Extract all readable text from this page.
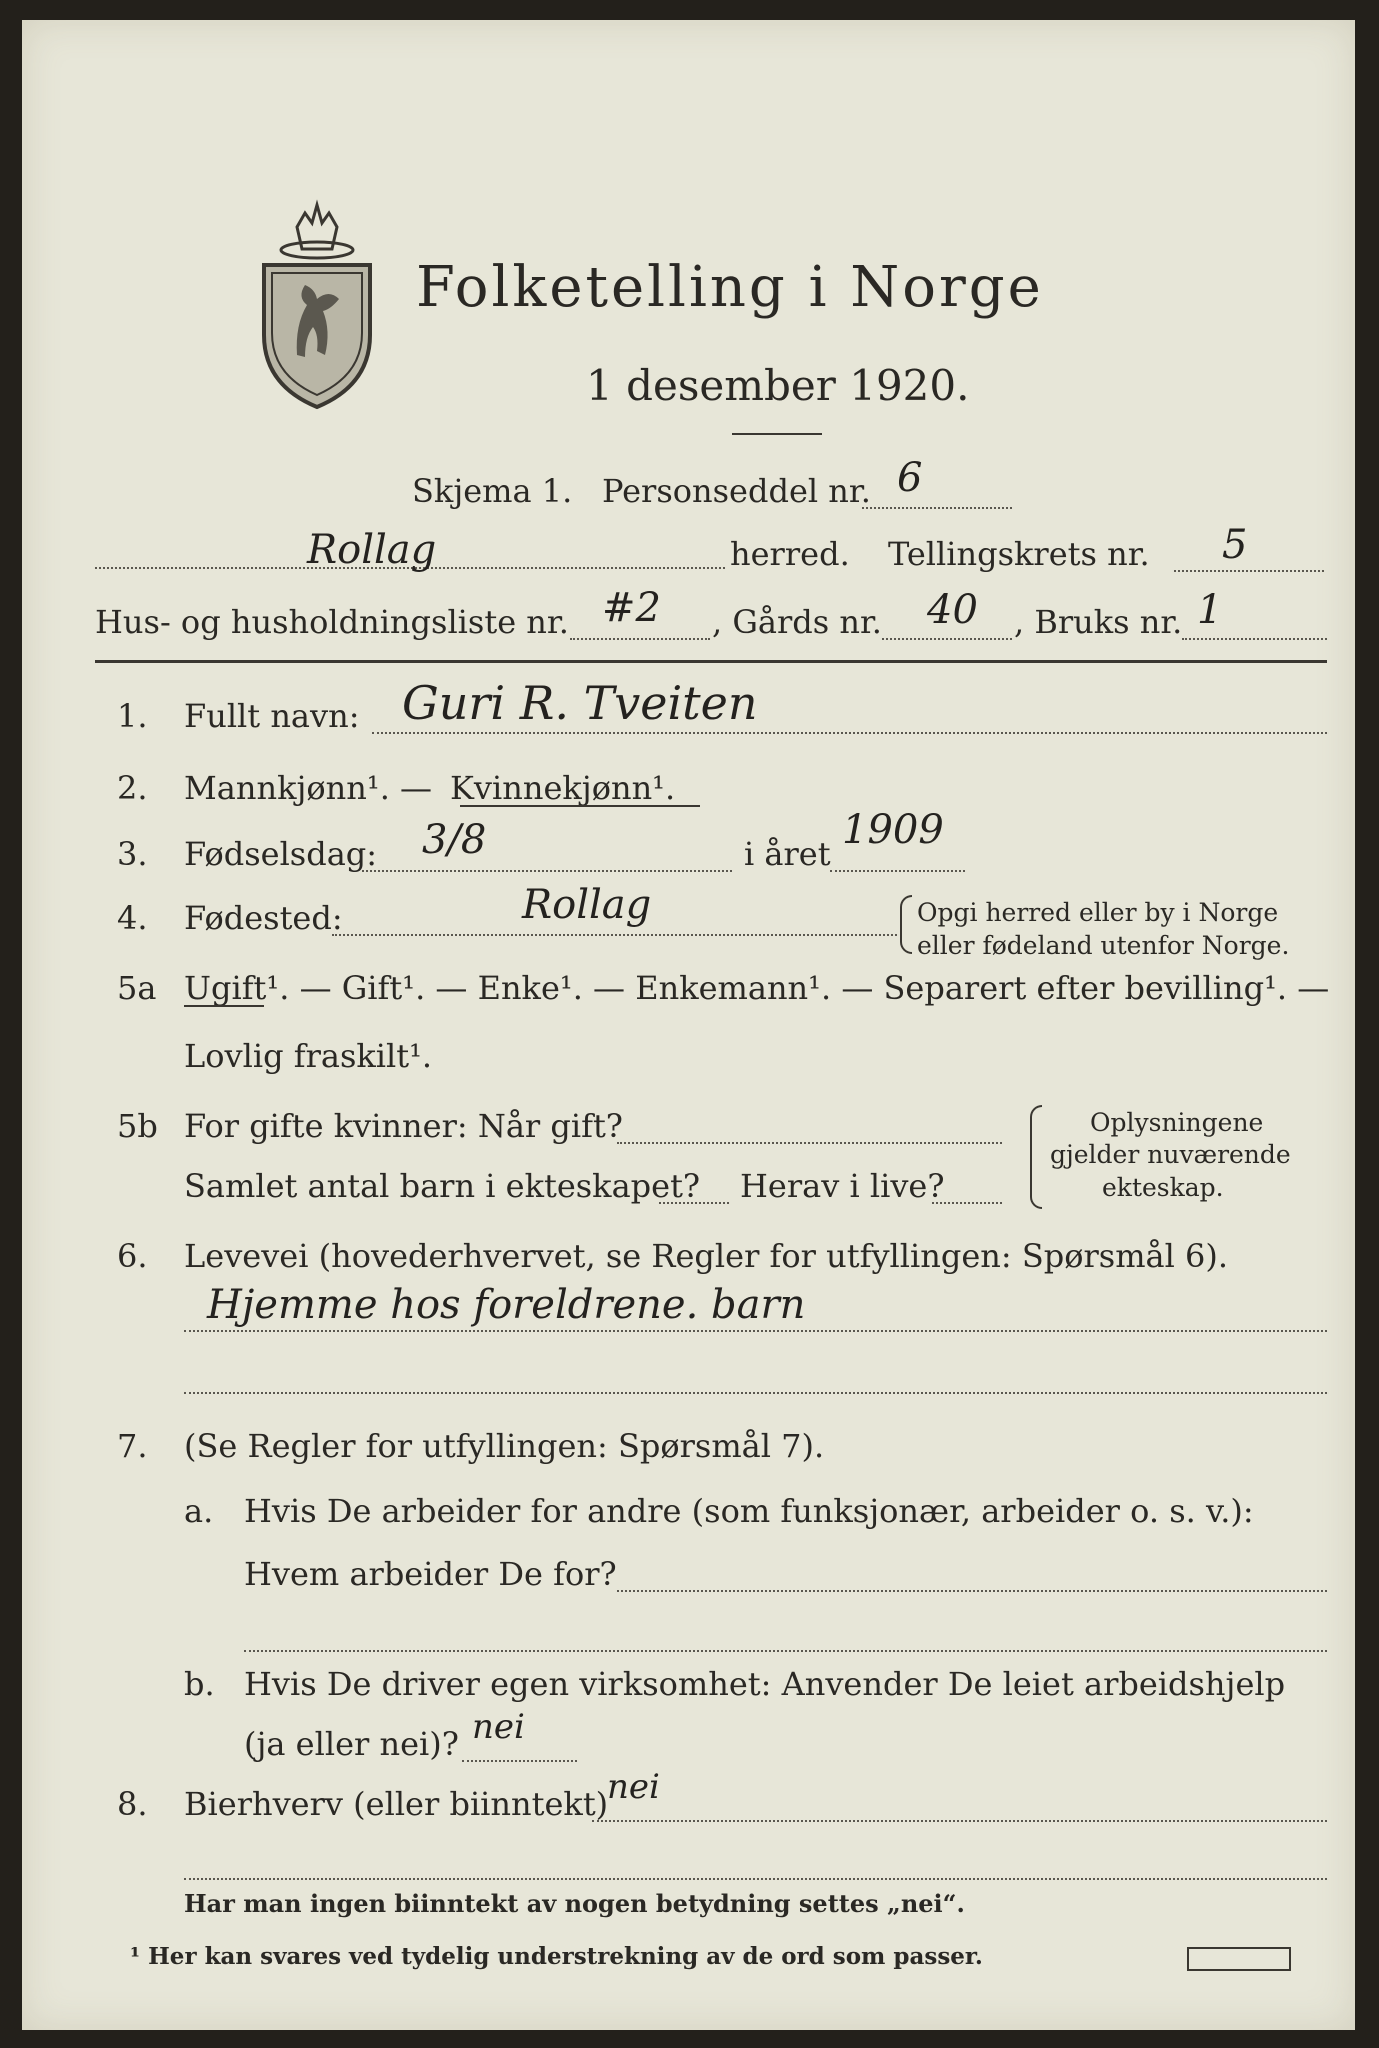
Folketelling i Norge
1 desember 1920.
Skjema 1. Personseddel nr. 6
Rollag	herred. Tellingskrets nr. 5
Hus- og husholdningsliste nr. #2 , Gårds nr. 40 , Bruks nr. 1
1. Fullt navn: Guri R. Tveiten
2. Mannkjønn¹. — Kvinnekjønn¹.
3. Fødselsdag: 3/8	i året
1909
4. Fødested:	Rollag	Opgi herred eller by i Norge
eller fødeland utenfor Norge.
5a Ugift¹. — Gift¹. — Enke¹. — Enkemann¹. — Separert efter bevilling¹. —
Lovlig fraskilt¹.
5b For gifte kvinner: Når gift?
Samlet antal barn i ekteskapet? Herav i live?
Oplysningene
gjelder nuværende
ekteskap.
6. Levevei (hovederhvervet, se Regler for utfyllingen: Spørsmål 6).
Hjemme hos foreldrene. barn
7. (Se Regler for utfyllingen: Spørsmål 7).
a. Hvis De arbeider for andre (som funksjonær, arbeider o. s. v.):
Hvem arbeider De for?
b. Hvis De driver egen virksomhet: Anvender De leiet arbeidshjelp
(ja eller nei)? nei
8. Bierhverv (eller biinntekt)
nei
Har man ingen biinntekt av nogen betydning settes „nei“.
¹ Her kan svares ved tydelig understrekning av de ord som passer.
